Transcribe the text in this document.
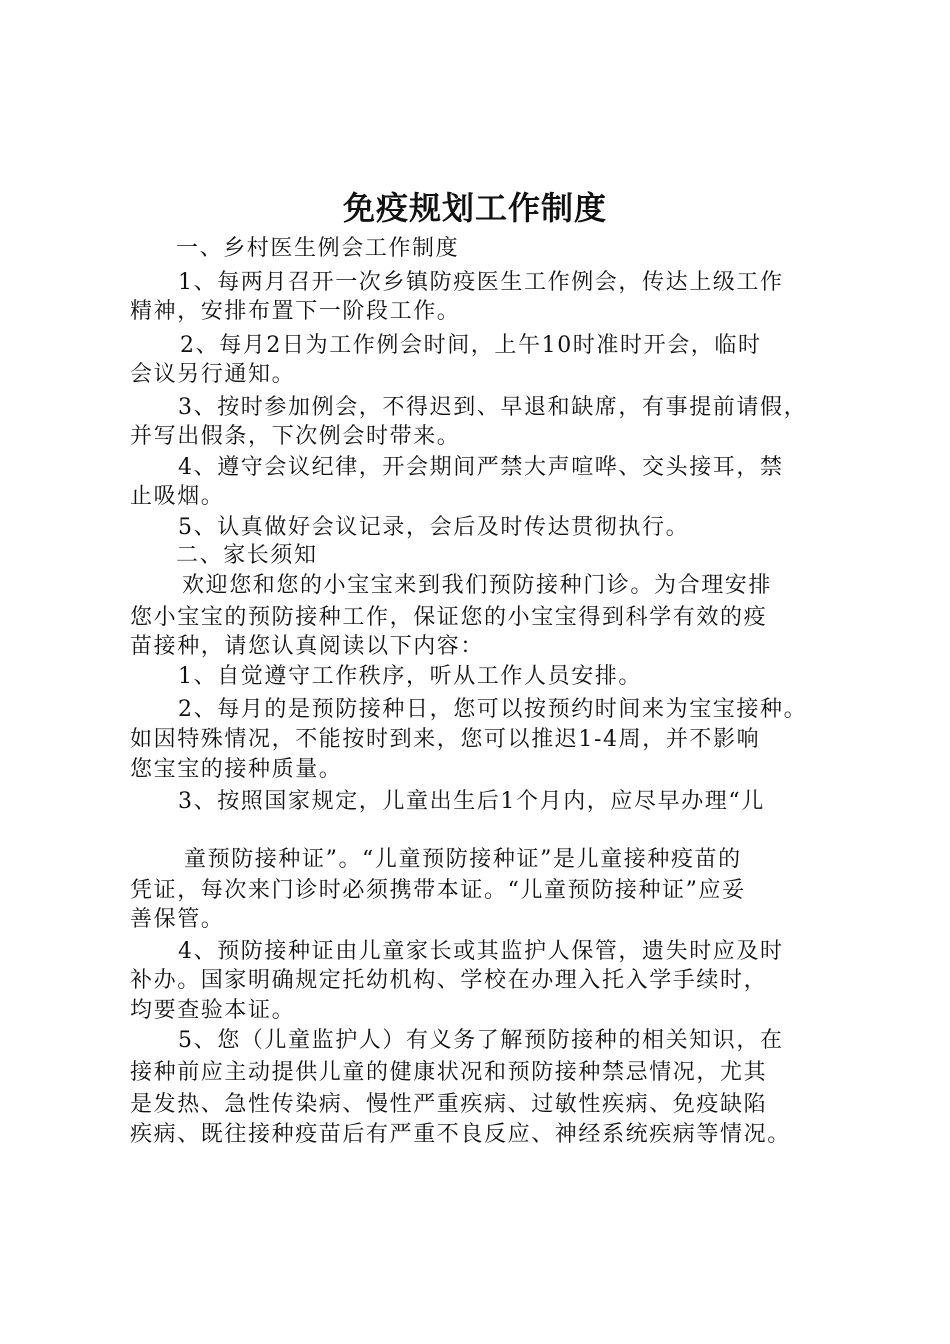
免疫规划工作制度
一、乡村医生例会工作制度
1、每两月召开一次乡镇防疫医生工作例会，传达上级工作
精神，安排布置下一阶段工作。
2、每月2日为工作例会时间，上午10时准时开会，临时
会议另行通知。
3、按时参加例会，不得迟到、早退和缺席，有事提前请假，
并写出假条，下次例会时带来。
4、遵守会议纪律，开会期间严禁大声喧哗、交头接耳，禁
止吸烟。
5、认真做好会议记录，会后及时传达贯彻执行。
二、家长须知
欢迎您和您的小宝宝来到我们预防接种门诊。为合理安排
您小宝宝的预防接种工作，保证您的小宝宝得到科学有效的疫
苗接种，请您认真阅读以下内容：
1、自觉遵守工作秩序，听从工作人员安排。
2、每月的是预防接种日，您可以按预约时间来为宝宝接种。
如因特殊情况，不能按时到来，您可以推迟1-4周，并不影响
您宝宝的接种质量。
3、按照国家规定，儿童出生后1个月内，应尽早办理“儿
童预防接种证”。“儿童预防接种证”是儿童接种疫苗的
凭证，每次来门诊时必须携带本证。“儿童预防接种证”应妥
善保管。
4、预防接种证由儿童家长或其监护人保管，遗失时应及时
补办。国家明确规定托幼机构、学校在办理入托入学手续时，
均要查验本证。
5、您（儿童监护人）有义务了解预防接种的相关知识，在
接种前应主动提供儿童的健康状况和预防接种禁忌情况，尤其
是发热、急性传染病、慢性严重疾病、过敏性疾病、免疫缺陷
疾病、既往接种疫苗后有严重不良反应、神经系统疾病等情况。
